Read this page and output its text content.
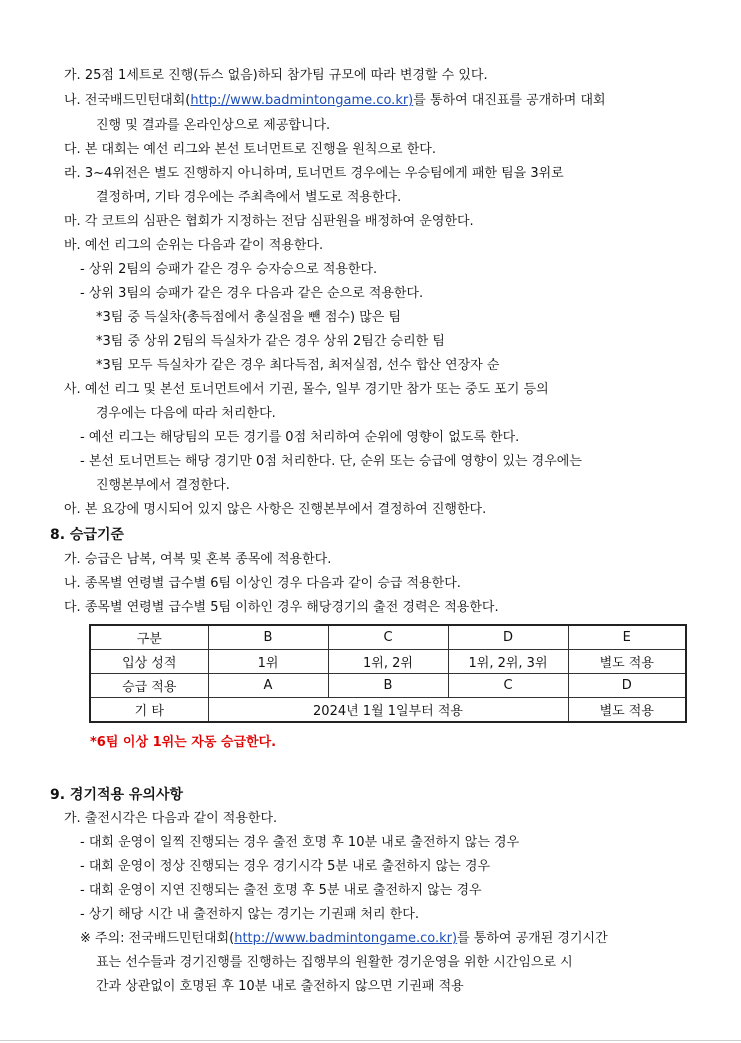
가. 25점 1세트로 진행(듀스 없음)하되 참가팀 규모에 따라 변경할 수 있다.
나. 전국배드민턴대회(http://www.badmintongame.co.kr)를 통하여 대진표를 공개하며 대회
진행 및 결과를 온라인상으로 제공합니다.
다. 본 대회는 예선 리그와 본선 토너먼트로 진행을 원칙으로 한다.
라. 3~4위전은 별도 진행하지 아니하며, 토너먼트 경우에는 우승팀에게 패한 팀을 3위로
결정하며, 기타 경우에는 주최측에서 별도로 적용한다.
마. 각 코트의 심판은 협회가 지정하는 전담 심판원을 배정하여 운영한다.
바. 예선 리그의 순위는 다음과 같이 적용한다.
- 상위 2팀의 승패가 같은 경우 승자승으로 적용한다.
- 상위 3팀의 승패가 같은 경우 다음과 같은 순으로 적용한다.
*3팀 중 득실차(총득점에서 총실점을 뺀 점수) 많은 팀
*3팀 중 상위 2팀의 득실차가 같은 경우 상위 2팀간 승리한 팀
*3팀 모두 득실차가 같은 경우 최다득점, 최저실점, 선수 합산 연장자 순
사. 예선 리그 및 본선 토너먼트에서 기권, 몰수, 일부 경기만 참가 또는 중도 포기 등의
경우에는 다음에 따라 처리한다.
- 예선 리그는 해당팀의 모든 경기를 0점 처리하여 순위에 영향이 없도록 한다.
- 본선 토너먼트는 해당 경기만 0점 처리한다. 단, 순위 또는 승급에 영향이 있는 경우에는
진행본부에서 결정한다.
아. 본 요강에 명시되어 있지 않은 사항은 진행본부에서 결정하여 진행한다.
8. 승급기준
가. 승급은 남복, 여복 및 혼복 종목에 적용한다.
나. 종목별 연령별 급수별 6팀 이상인 경우 다음과 같이 승급 적용한다.
다. 종목별 연령별 급수별 5팀 이하인 경우 해당경기의 출전 경력은 적용한다.
구분	B	C	D	E
입상 성적	1위	1위, 2위	1위, 2위, 3위	별도 적용
승급 적용	A	B	C	D
기 타	2024년 1월 1일부터 적용			별도 적용
*6팀 이상 1위는 자동 승급한다.
9. 경기적용 유의사항
가. 출전시각은 다음과 같이 적용한다.
- 대회 운영이 일찍 진행되는 경우 출전 호명 후 10분 내로 출전하지 않는 경우
- 대회 운영이 정상 진행되는 경우 경기시각 5분 내로 출전하지 않는 경우
- 대회 운영이 지연 진행되는 출전 호명 후 5분 내로 출전하지 않는 경우
- 상기 해당 시간 내 출전하지 않는 경기는 기권패 처리 한다.
※ 주의: 전국배드민턴대회(http://www.badmintongame.co.kr)를 통하여 공개된 경기시간
표는 선수들과 경기진행를 진행하는 집행부의 원활한 경기운영을 위한 시간임으로 시
간과 상관없이 호명된 후 10분 내로 출전하지 않으면 기권패 적용
